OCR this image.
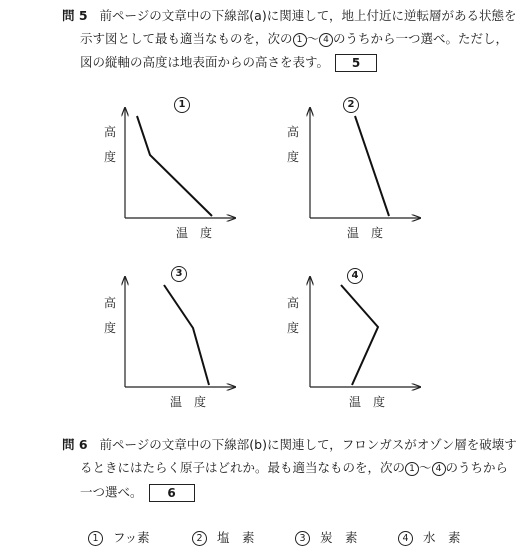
問 5 前ページの文章中の下線部(a)に関連して，地上付近に逆転層がある状態を
示す図として最も適当なものを，次の 1 ～ 4 のうちから一つ選べ。ただし，
図の縦軸の高度は地表面からの高さを表す。 5
1
高
度
温　度
2
高
度
温　度
3
高
度
温　度
4
高
度
温　度
問 6 前ページの文章中の下線部(b)に関連して，フロンガスがオゾン層を破壊す
るときにはたらく原子はどれか。最も適当なものを，次の 1 ～ 4 のうちから
一つ選べ。 6
1 フッ素	2 塩　素	3 炭　素	4 水　素
